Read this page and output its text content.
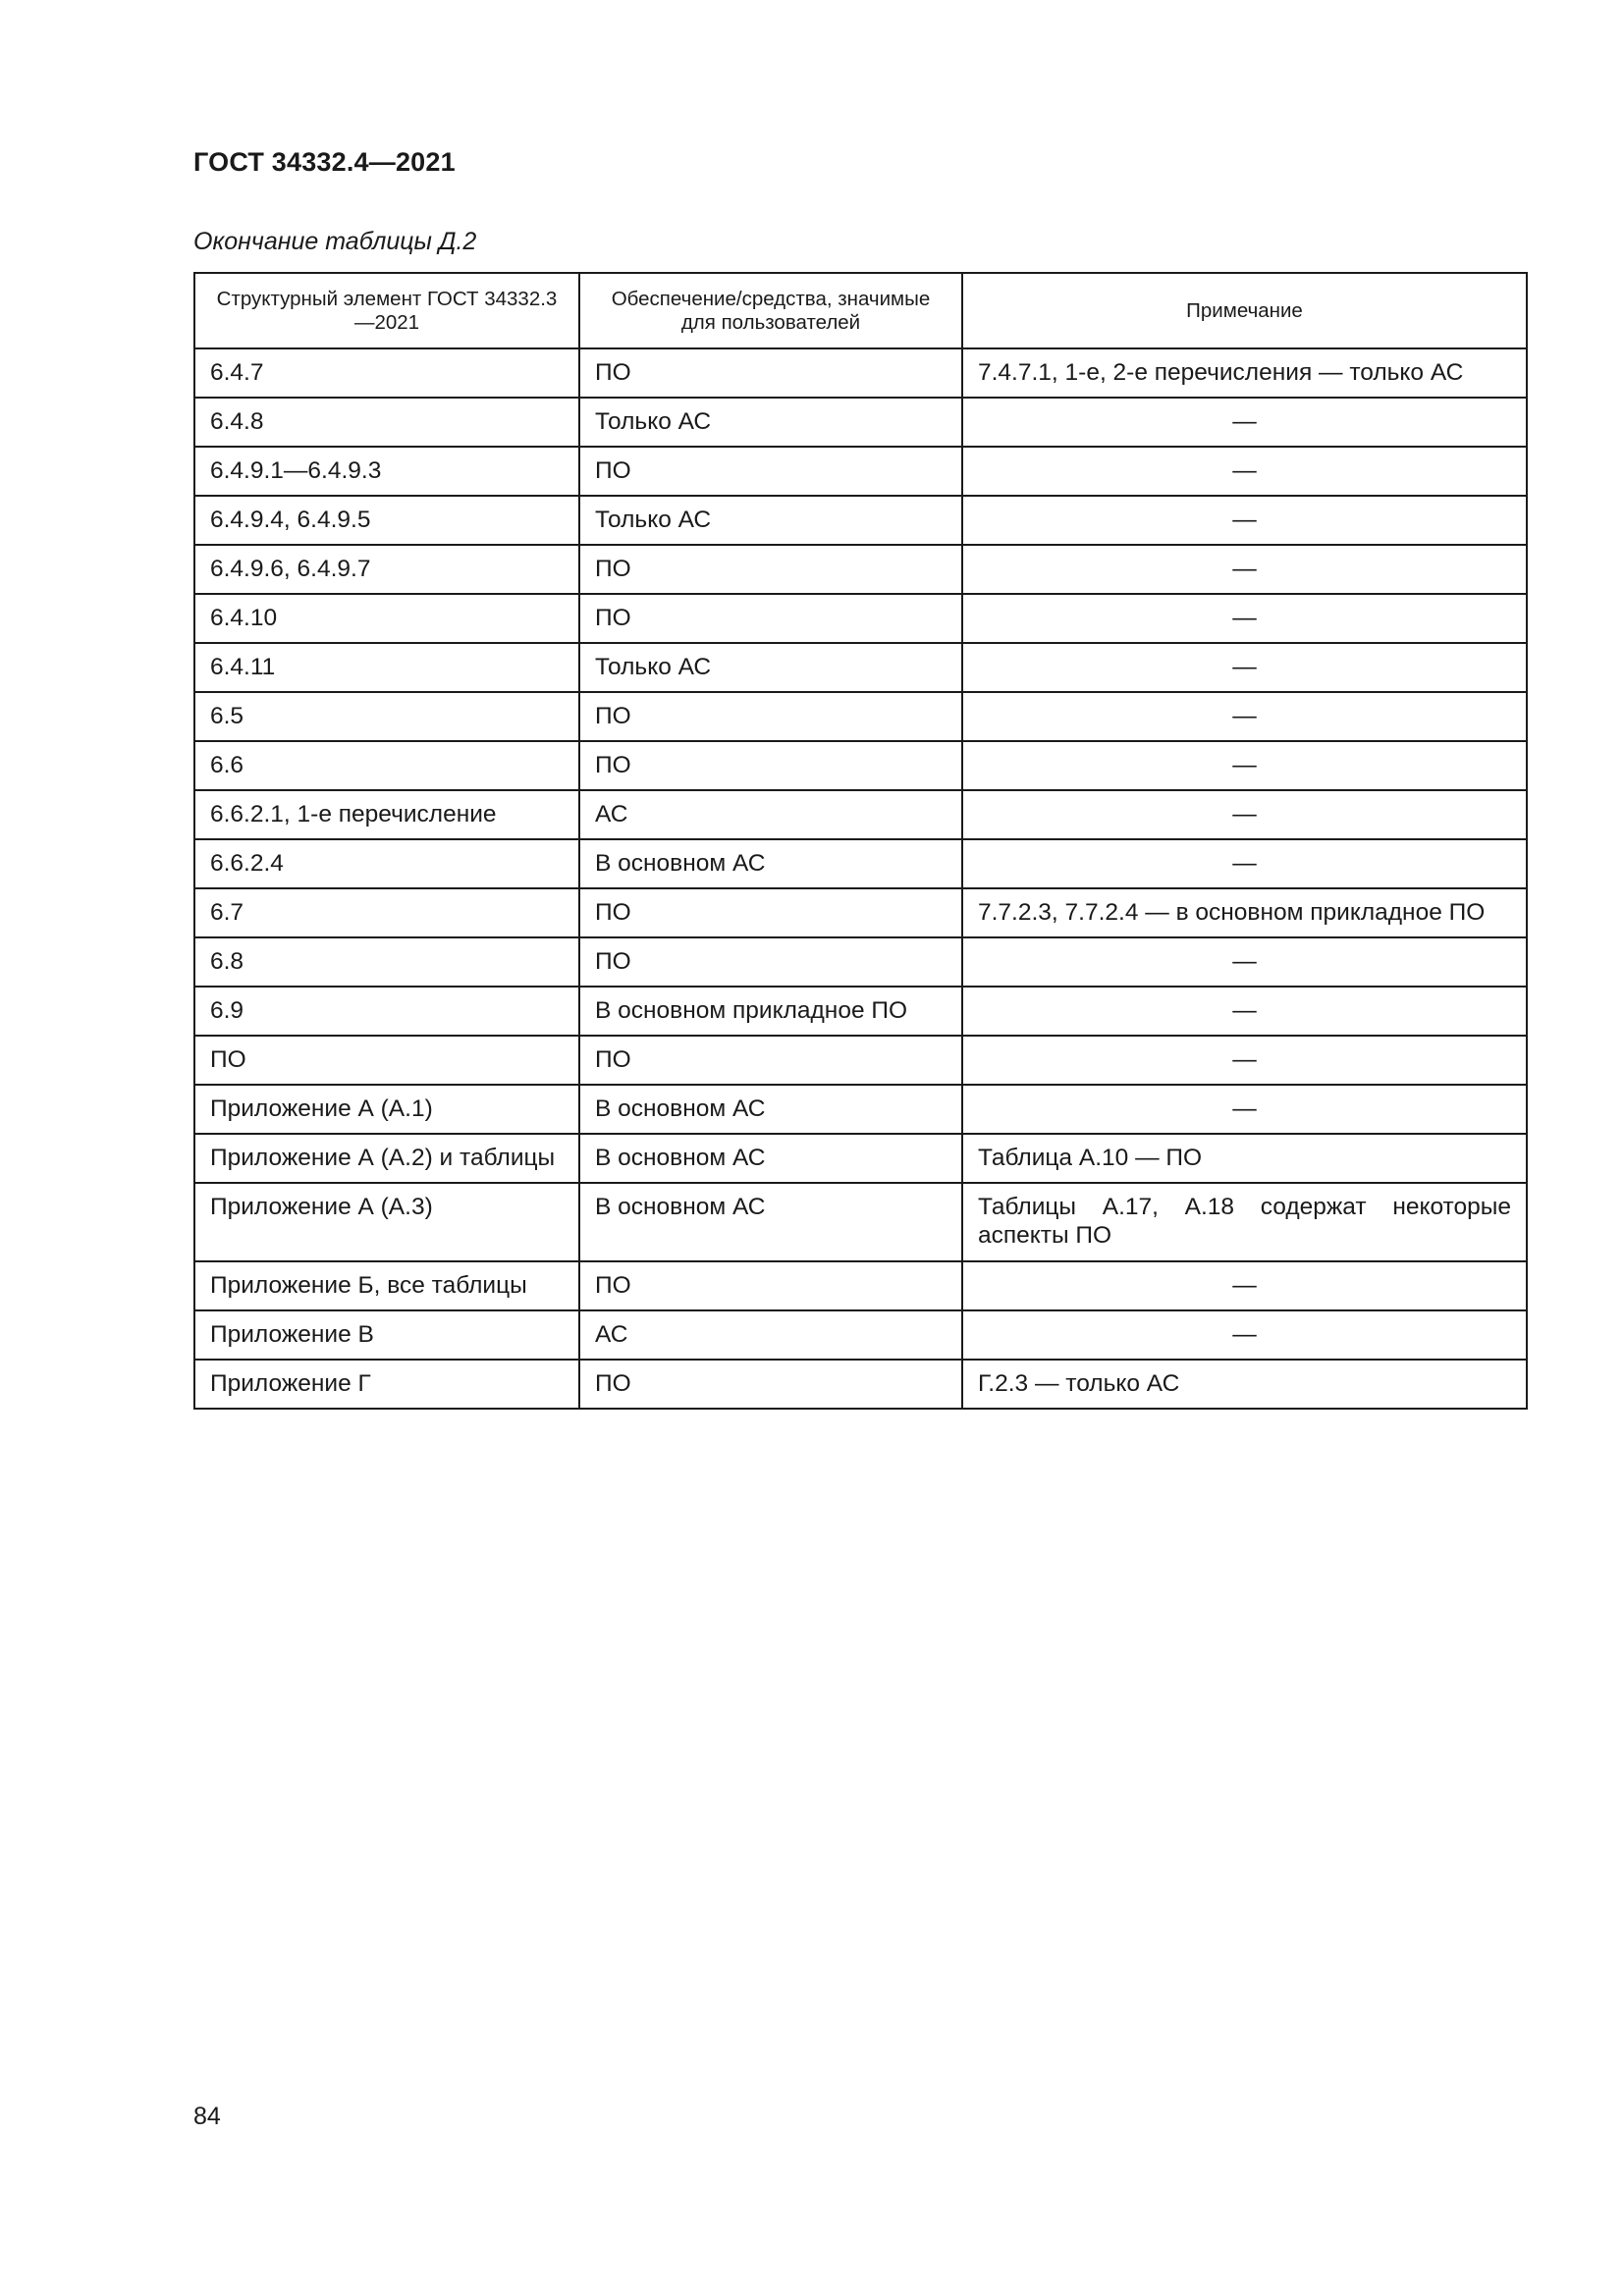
ГОСТ 34332.4—2021
Окончание таблицы Д.2
Структурный элемент ГОСТ 34332.3—2021	Обеспечение/средства, значимые для пользователей	Примечание
6.4.7	ПО	7.4.7.1, 1-е, 2-е перечисления — только АС
6.4.8	Только АС	—
6.4.9.1—6.4.9.3	ПО	—
6.4.9.4, 6.4.9.5	Только АС	—
6.4.9.6, 6.4.9.7	ПО	—
6.4.10	ПО	—
6.4.11	Только АС	—
6.5	ПО	—
6.6	ПО	—
6.6.2.1, 1-е перечисление	АС	—
6.6.2.4	В основном АС	—
6.7	ПО	7.7.2.3, 7.7.2.4 — в основном прикладное ПО
6.8	ПО	—
6.9	В основном прикладное ПО	—
ПО	ПО	—
Приложение А (А.1)	В основном АС	—
Приложение А (А.2) и таблицы	В основном АС	Таблица А.10 — ПО
Приложение А (А.3)	В основном АС	Таблицы А.17, А.18 содержат некоторые аспекты ПО
Приложение Б, все таблицы	ПО	—
Приложение В	АС	—
Приложение Г	ПО	Г.2.3 — только АС
84
